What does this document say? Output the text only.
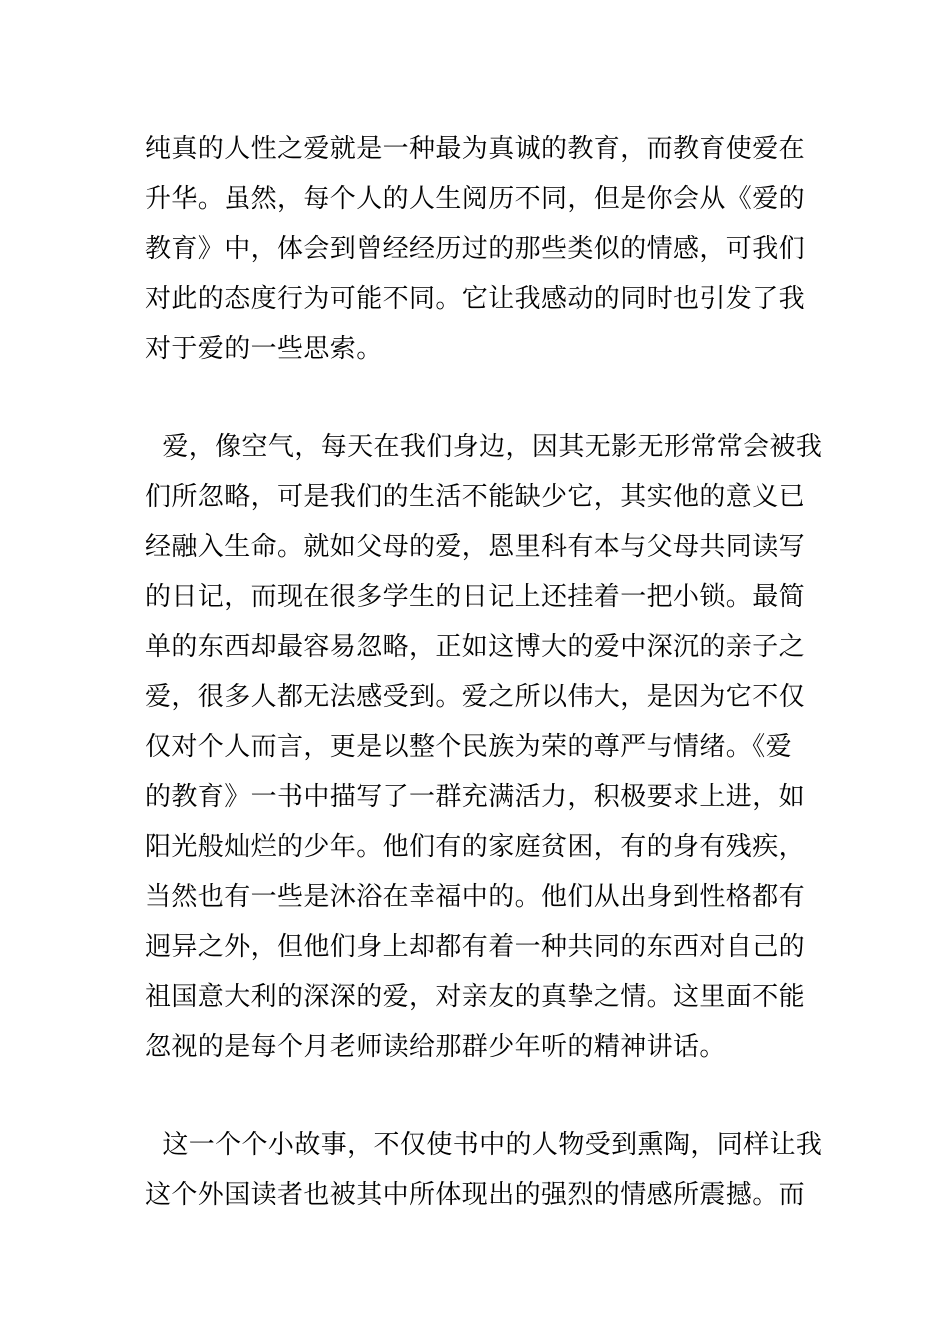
纯真的人性之爱就是一种最为真诚的教育，而教育使爱在
升华。虽然，每个人的人生阅历不同，但是你会从《爱的
教育》中，体会到曾经经历过的那些类似的情感，可我们
对此的态度行为可能不同。它让我感动的同时也引发了我
对于爱的一些思索。
爱，像空气，每天在我们身边，因其无影无形常常会被我
们所忽略，可是我们的生活不能缺少它，其实他的意义已
经融入生命。就如父母的爱，恩里科有本与父母共同读写
的日记，而现在很多学生的日记上还挂着一把小锁。最简
单的东西却最容易忽略，正如这博大的爱中深沉的亲子之
爱，很多人都无法感受到。爱之所以伟大，是因为它不仅
仅对个人而言，更是以整个民族为荣的尊严与情绪。《爱
的教育》一书中描写了一群充满活力，积极要求上进，如
阳光般灿烂的少年。他们有的家庭贫困，有的身有残疾，
当然也有一些是沐浴在幸福中的。他们从出身到性格都有
迥异之外，但他们身上却都有着一种共同的东西对自己的
祖国意大利的深深的爱，对亲友的真挚之情。这里面不能
忽视的是每个月老师读给那群少年听的精神讲话。
这一个个小故事，不仅使书中的人物受到熏陶，同样让我
这个外国读者也被其中所体现出的强烈的情感所震撼。而
